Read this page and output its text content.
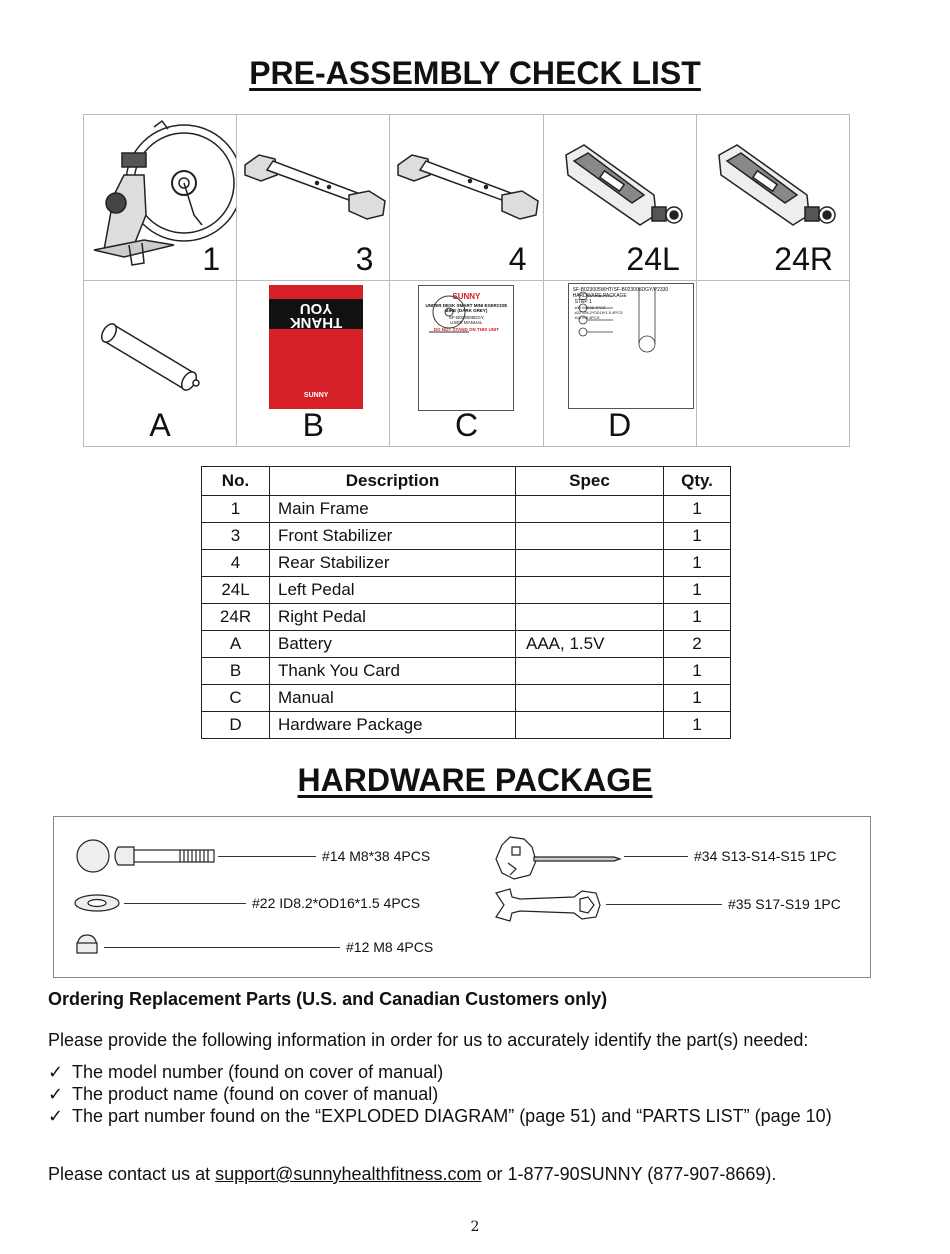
PRE-ASSEMBLY CHECK LIST
1	3	4	24L	24R
A
THANK
YOU
SUNNY
B
SUNNY
UNDER DESK SMART MINI EXERCISE BIKE (DARK GREY)
SF-B023005DGY
USER MANUAL
DO NOT STAND ON THIS UNIT
C
SF-B023005WHT/SF-B023005DGY/P2330
HARDWARE PACKAGE
STEP 1
#14 M8*38 4PCS
#22 ID8.2*OD16*1.5 4PCS
#12 M8 4PCS
D
No.	Description	Spec	Qty.
1	Main Frame		1
3	Front Stabilizer		1
4	Rear Stabilizer		1
24L	Left Pedal		1
24R	Right Pedal		1
A	Battery	AAA, 1.5V	2
B	Thank You Card		1
C	Manual		1
D	Hardware Package		1
HARDWARE PACKAGE
#14 M8*38 4PCS
#22 ID8.2*OD16*1.5 4PCS
#12 M8 4PCS
#34 S13-S14-S15 1PC
#35 S17-S19 1PC
Ordering Replacement Parts (U.S. and Canadian Customers only)
Please provide the following information in order for us to accurately identify the part(s) needed:
✓ The model number (found on cover of manual)
✓ The product name (found on cover of manual)
✓ The part number found on the “EXPLODED DIAGRAM” (page 51) and “PARTS LIST” (page 10)
Please contact us at support@sunnyhealthfitness.com or 1-877-90SUNNY (877-907-8669).
2
